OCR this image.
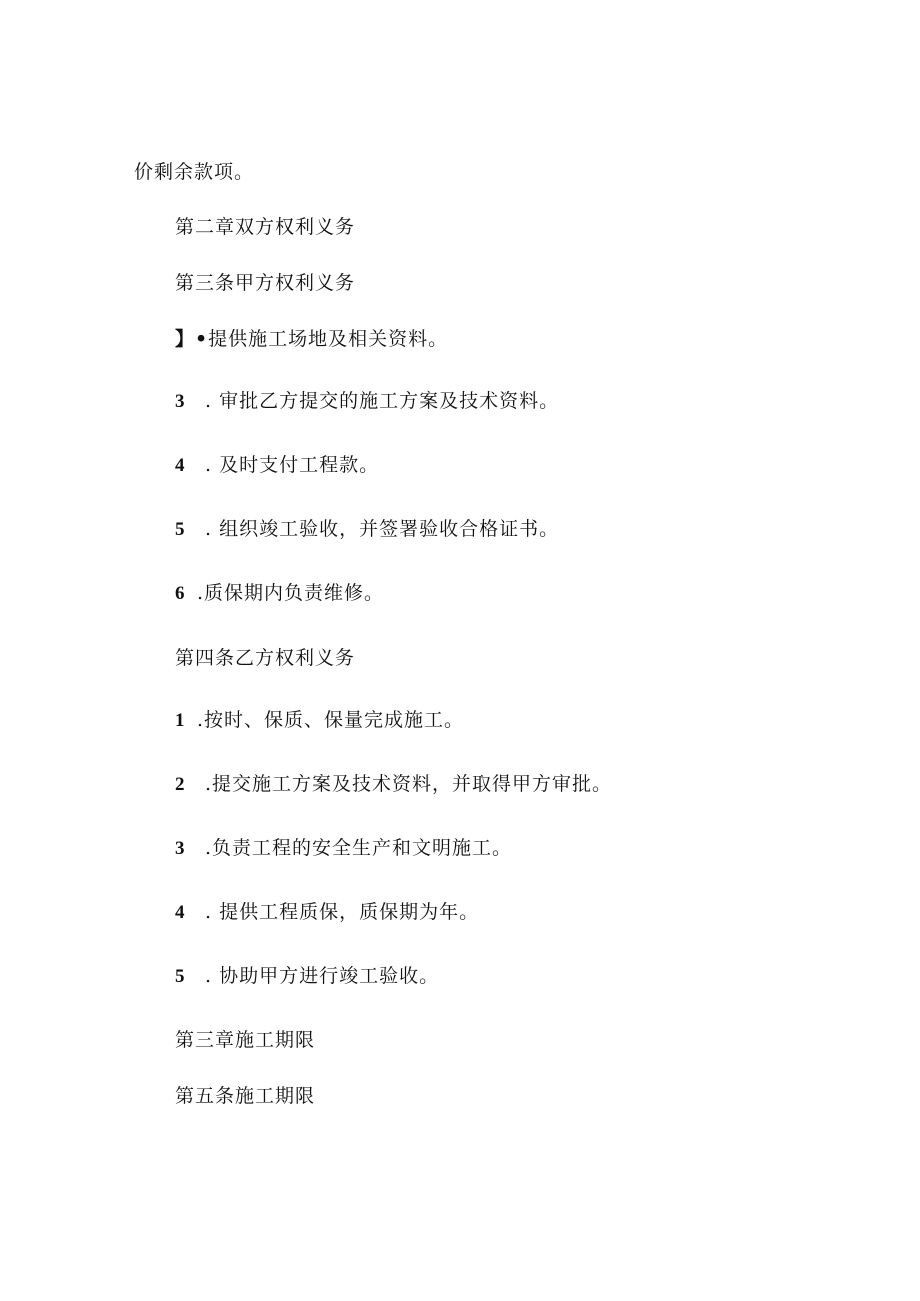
价剩余款项。
第二章双方权利义务
第三条甲方权利义务
】•提供施工场地及相关资料。
3 . 审批乙方提交的施工方案及技术资料。
4 . 及时支付工程款。
5 . 组织竣工验收，并签署验收合格证书。
6 .质保期内负责维修。
第四条乙方权利义务
1 .按时、保质、保量完成施工。
2 .提交施工方案及技术资料，并取得甲方审批。
3 .负责工程的安全生产和文明施工。
4 . 提供工程质保，质保期为年。
5 . 协助甲方进行竣工验收。
第三章施工期限
第五条施工期限
